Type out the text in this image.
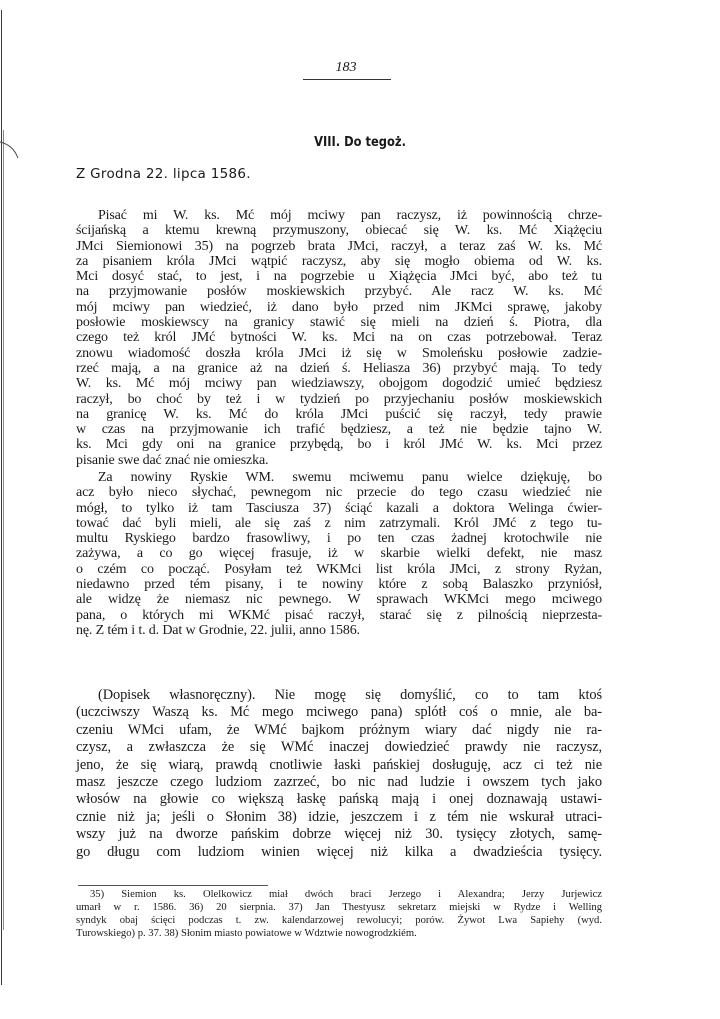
183
VIII. Do tegoż.
Z Grodna 22. lipca 1586.
Pisać mi W. ks. Mć mój mciwy pan raczysz, iż powinnością chrze-
ścijańską a ktemu krewną przymuszony, obiecać się W. ks. Mć Xiążęciu
JMci Siemionowi 35) na pogrzeb brata JMci, raczył, a teraz zaś W. ks. Mć
za pisaniem króla JMci wątpić raczysz, aby się mogło obiema od W. ks.
Mci dosyć stać, to jest, i na pogrzebie u Xiążęcia JMci być, abo też tu
na przyjmowanie posłów moskiewskich przybyć. Ale racz W. ks. Mć
mój mciwy pan wiedzieć, iż dano było przed nim JKMci sprawę, jakoby
posłowie moskiewscy na granicy stawić się mieli na dzień ś. Piotra, dla
czego też król JMć bytności W. ks. Mci na on czas potrzebował. Teraz
znowu wiadomość doszła króla JMci iż się w Smoleńsku posłowie zadzie-
rzeć mają, a na granice aż na dzień ś. Heliasza 36) przybyć mają. To tedy
W. ks. Mć mój mciwy pan wiedziawszy, obojgom dogodzić umieć będziesz
raczył, bo choć by też i w tydzień po przyjechaniu posłów moskiewskich
na granicę W. ks. Mć do króla JMci puścić się raczył, tedy prawie
w czas na przyjmowanie ich trafić będziesz, a też nie będzie tajno W.
ks. Mci gdy oni na granice przybędą, bo i król JMć W. ks. Mci przez
pisanie swe dać znać nie omieszka.
Za nowiny Ryskie WM. swemu mciwemu panu wielce dziękuję, bo
acz było nieco słychać, pewnegom nic przecie do tego czasu wiedzieć nie
mógł, to tylko iż tam Tasciusza 37) ściąć kazali a doktora Welinga ćwier-
tować dać byli mieli, ale się zaś z nim zatrzymali. Król JMć z tego tu-
multu Ryskiego bardzo frasowliwy, i po ten czas żadnej krotochwile nie
zażywa, a co go więcej frasuje, iż w skarbie wielki defekt, nie masz
o czém co począć. Posyłam też WKMci list króla JMci, z strony Ryżan,
niedawno przed tém pisany, i te nowiny które z sobą Balaszko przyniósł,
ale widzę że niemasz nic pewnego. W sprawach WKMci mego mciwego
pana, o których mi WKMć pisać raczył, starać się z pilnością nieprzesta-
nę. Z tém i t. d. Dat w Grodnie, 22. julii, anno 1586.
(Dopisek własnoręczny). Nie mogę się domyślić, co to tam ktoś
(uczciwszy Waszą ks. Mć mego mciwego pana) splótł coś o mnie, ale ba-
czeniu WMci ufam, że WMć bajkom próżnym wiary dać nigdy nie ra-
czysz, a zwłaszcza że się WMć inaczej dowiedzieć prawdy nie raczysz,
jeno, że się wiarą, prawdą cnotliwie łaski pańskiej dosługuję, acz ci też nie
masz jeszcze czego ludziom zazrzeć, bo nic nad ludzie i owszem tych jako
włosów na głowie co większą łaskę pańską mają i onej doznawają ustawi-
cznie niż ja; jeśli o Słonim 38) idzie, jeszczem i z tém nie wskurał utraci-
wszy już na dworze pańskim dobrze więcej niż 30. tysięcy złotych, samę-
go długu com ludziom winien więcej niż kilka a dwadzieścia tysięcy.
35) Siemion ks. Olelkowicz miał dwóch braci Jerzego i Alexandra; Jerzy Jurjewicz
umarł w r. 1586. 36) 20 sierpnia. 37) Jan Thestyusz sekretarz miejski w Rydze i Welling
syndyk obaj ścięci podczas t. zw. kalendarzowej rewolucyi; porów. Żywot Lwa Sapiehy (wyd.
Turowskiego) p. 37. 38) Słonim miasto powiatowe w Wdztwie nowogrodzkiém.
